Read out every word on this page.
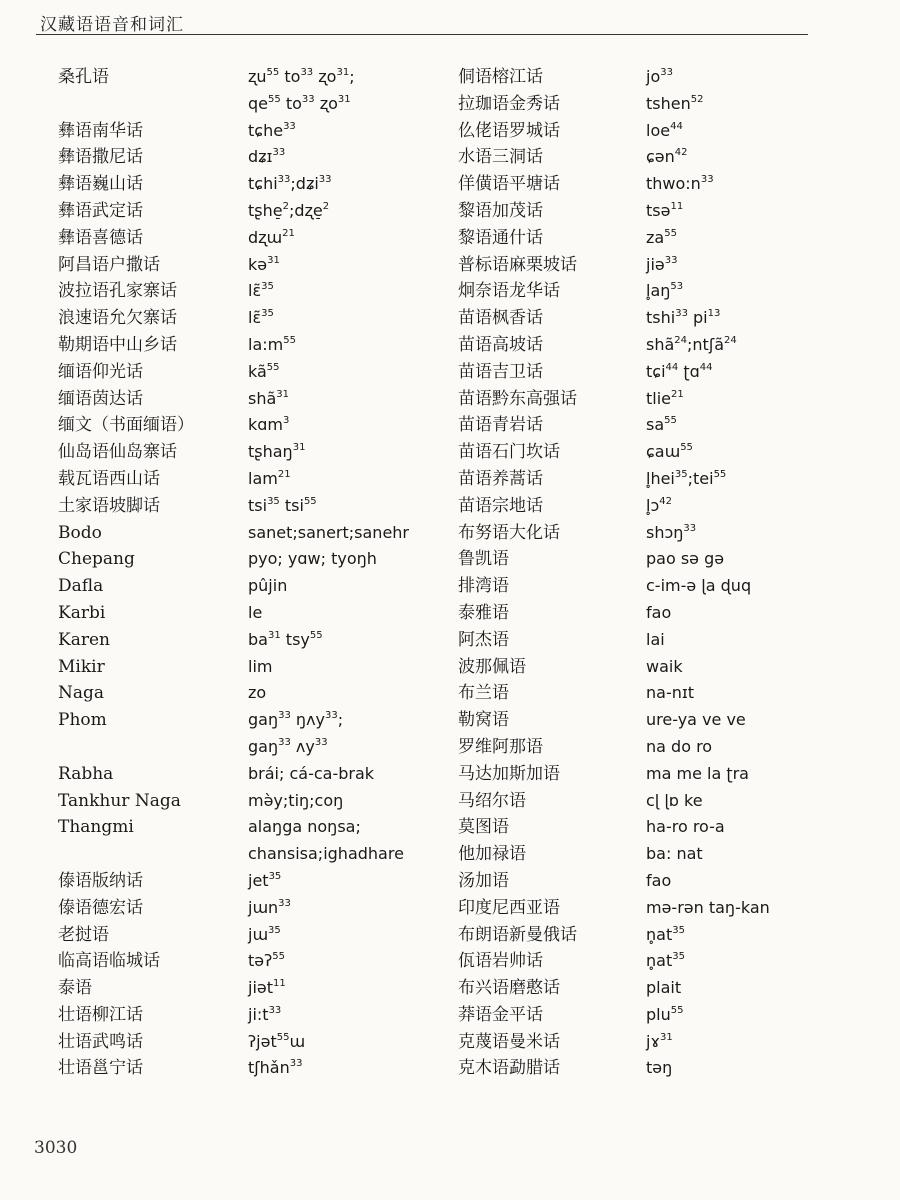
汉藏语语音和词汇
桑孔语
彝语南华话
彝语撒尼话
彝语巍山话
彝语武定话
彝语喜德话
阿昌语户撒话
波拉语孔家寨话
浪速语允欠寨话
勒期语中山乡话
缅语仰光话
缅语茵达话
缅文（书面缅语）
仙岛语仙岛寨话
载瓦语西山话
土家语坡脚话
Bodo
Chepang
Dafla
Karbi
Karen
Mikir
Naga
Phom
Rabha
Tankhur Naga
Thangmi
傣语版纳话
傣语德宏话
老挝语
临高语临城话
泰语
壮语柳江话
壮语武鸣话
壮语邕宁话
ʐu$^{55}$ $to^{33}$ ʐo$^{31}$;
$qe^{55}$ $to^{33}$ ʐo$^{31}$
tɕhe$^{33}$
dʑɪ$^{33}$
tɕhi$^{33}$;dʑi$^{33}$
tʂhe̠$^2$;dʐe̠$^2$
dʐɯ$^{21}$
kə$^{31}$
lɛ̃$^{35}$
lɛ̃$^{35}$
$la:m^{55}$
$kã^{55}$
shã$^{31}$
kɑm$^3$
tʂhaŋ$^{31}$
lam$^{21}$
tsi$^{35}$ tsi$^{55}$
sanet;sanert;sanehr
pyo; yɑw; tyoŋh
pûjin
le
$ba^{31}$ tsy$^{55}$
lim
zo
gaŋ$^{33}$ ŋʌy$^{33}$;
gaŋ$^{33}$ ʌy$^{33}$
brái; cá-ca-brak
mə̀y;tiŋ;coŋ
alaŋga noŋsa;
chansisa;ighadhare
jet$^{35}$
jɯn$^{33}$
jɯ$^{35}$
təʔ$^{55}$
jiət$^{11}$
$ji:t^{33}$
ʔjət$^{55}$ɯ
tʃhǎn$^{33}$
侗语榕江话
拉珈语金秀话
仫佬语罗城话
水语三洞话
佯僙语平塘话
黎语加茂话
黎语通什话
普标语麻栗坡话
炯奈语龙华话
苗语枫香话
苗语高坡话
苗语吉卫话
苗语黔东高强话
苗语青岩话
苗语石门坎话
苗语养蒿话
苗语宗地话
布努语大化话
鲁凯语
排湾语
泰雅语
阿杰语
波那佩语
布兰语
勒窝语
罗维阿那语
马达加斯加语
马绍尔语
莫图语
他加禄语
汤加语
印度尼西亚语
布朗语新曼俄话
佤语岩帅话
布兴语磨憨话
莽语金平话
克蔑语曼米话
克木语勐腊话
$jo^{33}$
tshen$^{52}$
loe$^{44}$
ɕən$^{42}$
$thwo:n^{33}$
tsə$^{11}$
$za^{55}$
jiə$^{33}$
$l̥aŋ^{53}$
tshi$^{33}$ $pi^{13}$
shã$^{24}$;ntʃã$^{24}$
tɕi$^{44}$ ʈɑ$^{44}$
tlie$^{21}$
$sa^{55}$
ɕaɯ$^{55}$
l̥hei$^{35}$;tei$^{55}$
l̥ɔ$^{42}$
shɔŋ$^{33}$
pao sə gə
c-im-ə ɭa ɖuq
fao
lai
waik
na-nɪt
ure-ya ve ve
na do ro
ma me la ʈra
cɭ ɭɒ ke
ha-ro ro-a
ba: nat
fao
mə-rən taŋ-kan
$n̥at^{35}$
$n̥at^{35}$
plait
plu$^{55}$
jɤ$^{31}$
təŋ
3030
